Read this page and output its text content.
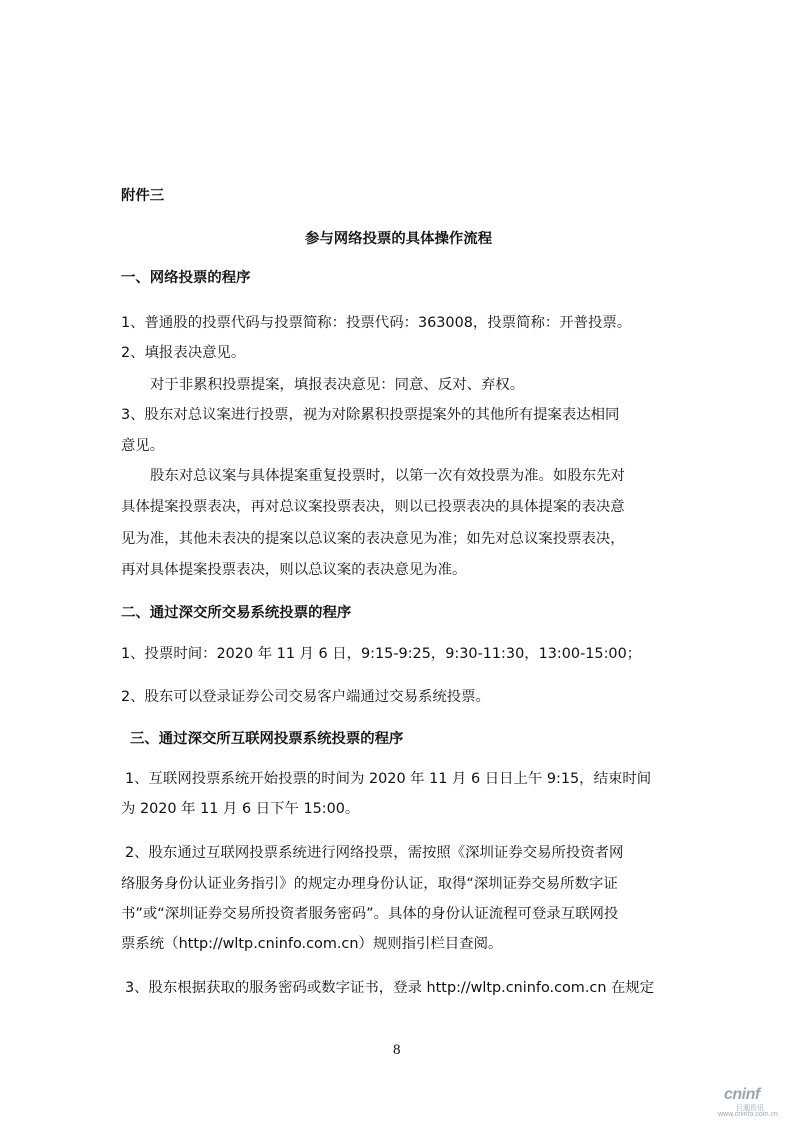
附件三
参与网络投票的具体操作流程
一、网络投票的程序
1、普通股的投票代码与投票简称：投票代码：363008，投票简称：开普投票。
2、填报表决意见。
对于非累积投票提案，填报表决意见：同意、反对、弃权。
3、股东对总议案进行投票，视为对除累积投票提案外的其他所有提案表达相同
意见。
股东对总议案与具体提案重复投票时，以第一次有效投票为准。如股东先对
具体提案投票表决，再对总议案投票表决，则以已投票表决的具体提案的表决意
见为准，其他未表决的提案以总议案的表决意见为准；如先对总议案投票表决，
再对具体提案投票表决，则以总议案的表决意见为准。
二、通过深交所交易系统投票的程序
1、投票时间：2020 年 11 月 6 日，9:15-9:25，9:30-11:30，13:00-15:00；
2、股东可以登录证券公司交易客户端通过交易系统投票。
三、通过深交所互联网投票系统投票的程序
1、互联网投票系统开始投票的时间为 2020 年 11 月 6 日日上午 9:15，结束时间
为 2020 年 11 月 6 日下午 15:00。
2、股东通过互联网投票系统进行网络投票，需按照《深圳证券交易所投资者网
络服务身份认证业务指引》的规定办理身份认证，取得“深圳证券交易所数字证
书”或“深圳证券交易所投资者服务密码”。具体的身份认证流程可登录互联网投
票系统（http://wltp.cninfo.com.cn）规则指引栏目查阅。
3、股东根据获取的服务密码或数字证书，登录 http://wltp.cninfo.com.cn 在规定
8
cninf
巨潮资讯
www.cninfo.com.cn
